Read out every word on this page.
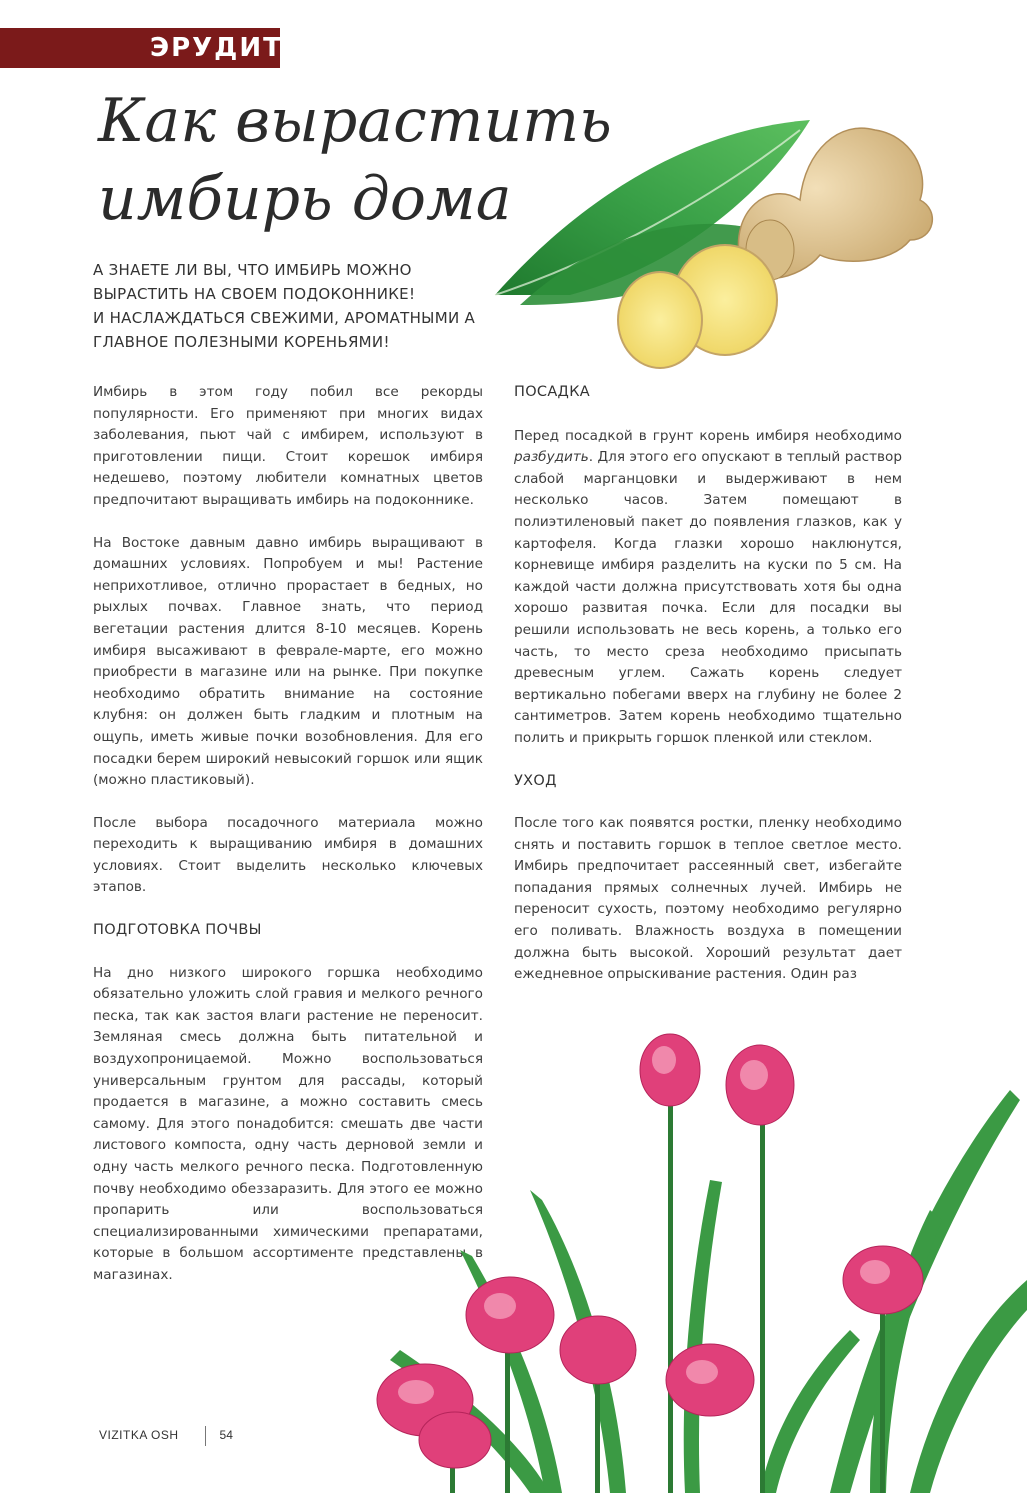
ЭРУДИТ
Как вырастить
имбирь дома
А ЗНАЕТЕ ЛИ ВЫ, ЧТО ИМБИРЬ МОЖНО
ВЫРАСТИТЬ НА СВОЕМ ПОДОКОННИКЕ!
И НАСЛАЖДАТЬСЯ СВЕЖИМИ, АРОМАТНЫМИ А
ГЛАВНОЕ ПОЛЕЗНЫМИ КОРЕНЬЯМИ!

Имбирь в этом году побил все рекорды популярности. Его применяют при многих видах заболевания, пьют чай с имбирем, используют в приготовлении пищи. Стоит корешок имбиря недешево, поэтому любители комнатных цветов предпочитают выращивать имбирь на подоконнике.

На Востоке давным давно имбирь выращивают в домашних условиях. Попробуем и мы! Растение неприхотливое, отлично прорастает в бедных, но рыхлых почвах. Главное знать, что период вегетации растения длится 8-10 месяцев. Корень имбиря высаживают в феврале-марте, его можно приобрести в магазине или на рынке. При покупке необходимо обратить внимание на состояние клубня: он должен быть гладким и плотным на ощупь, иметь живые почки возобновления. Для его посадки берем широкий невысокий горшок или ящик (можно пластиковый).

После выбора посадочного материала можно переходить к выращиванию имбиря в домашних условиях. Стоит выделить несколько ключевых этапов.

ПОДГОТОВКА ПОЧВЫ

На дно низкого широкого горшка необходимо обязательно уложить слой гравия и мелкого речного песка, так как застоя влаги растение не переносит. Земляная смесь должна быть питательной и воздухопроницаемой. Можно воспользоваться универсальным грунтом для рассады, который продается в магазине, а можно составить смесь самому. Для этого понадобится: смешать две части листового компоста, одну часть дерновой земли и одну часть мелкого речного песка. Подготовленную почву необходимо обеззаразить. Для этого ее можно пропарить или воспользоваться специализированными химическими препаратами, которые в большом ассортименте представлены в магазинах.

ПОСАДКА

Перед посадкой в грунт корень имбиря необходимо разбудить. Для этого его опускают в теплый раствор слабой марганцовки и выдерживают в нем несколько часов. Затем помещают в полиэтиленовый пакет до появления глазков, как у картофеля. Когда глазки хорошо наклюнутся, корневище имбиря разделить на куски по 5 см. На каждой части должна присутствовать хотя бы одна хорошо развитая почка. Если для посадки вы решили использовать не весь корень, а только его часть, то место среза необходимо присыпать древесным углем. Сажать корень следует вертикально побегами вверх на глубину не более 2 сантиметров. Затем корень необходимо тщательно полить и прикрыть горшок пленкой или стеклом.

УХОД

После того как появятся ростки, пленку необходимо снять и поставить горшок в теплое светлое место. Имбирь предпочитает рассеянный свет, избегайте попадания прямых солнечных лучей. Имбирь не переносит сухость, поэтому необходимо регулярно его поливать. Влажность воздуха в помещении должна быть высокой. Хороший результат дает ежедневное опрыскивание растения. Один раз

VIZITKA OSH	54
